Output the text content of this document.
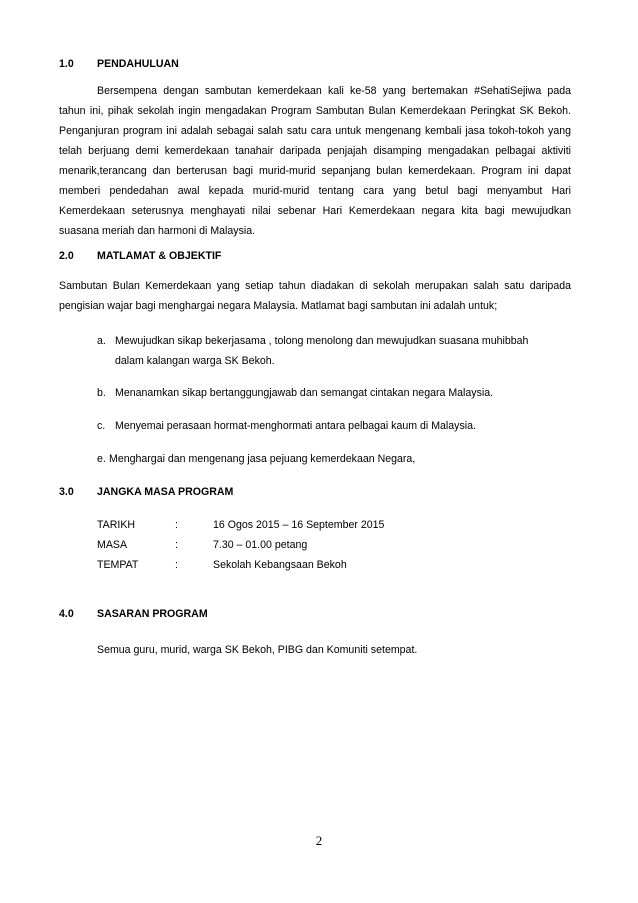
1.0 PENDAHULUAN
Bersempena dengan sambutan kemerdekaan kali ke-58 yang bertemakan #SehatiSejiwa pada
tahun ini, pihak sekolah ingin mengadakan Program Sambutan Bulan Kemerdekaan Peringkat SK Bekoh.
Penganjuran program ini adalah sebagai salah satu cara untuk mengenang kembali jasa tokoh-tokoh yang
telah berjuang demi kemerdekaan tanahair daripada penjajah disamping mengadakan pelbagai aktiviti
menarik,terancang dan berterusan bagi murid-murid sepanjang bulan kemerdekaan. Program ini dapat
memberi pendedahan awal kepada murid-murid tentang cara yang betul bagi menyambut Hari
Kemerdekaan seterusnya menghayati nilai sebenar Hari Kemerdekaan negara kita bagi mewujudkan
suasana meriah dan harmoni di Malaysia.
2.0 MATLAMAT & OBJEKTIF
Sambutan Bulan Kemerdekaan yang setiap tahun diadakan di sekolah merupakan salah satu daripada
pengisian wajar bagi menghargai negara Malaysia. Matlamat bagi sambutan ini adalah untuk;
a. Mewujudkan sikap bekerjasama , tolong menolong dan mewujudkan suasana muhibbah
dalam kalangan warga SK Bekoh.
b. Menanamkan sikap bertanggungjawab dan semangat cintakan negara Malaysia.
c. Menyemai perasaan hormat-menghormati antara pelbagai kaum di Malaysia.
e. Menghargai dan mengenang jasa pejuang kemerdekaan Negara,
3.0 JANGKA MASA PROGRAM
TARIKH	:	16 Ogos 2015 – 16 September 2015
MASA	:	7.30 – 01.00 petang
TEMPAT	:	Sekolah Kebangsaan Bekoh
4.0 SASARAN PROGRAM
Semua guru, murid, warga SK Bekoh, PIBG dan Komuniti setempat.
2
